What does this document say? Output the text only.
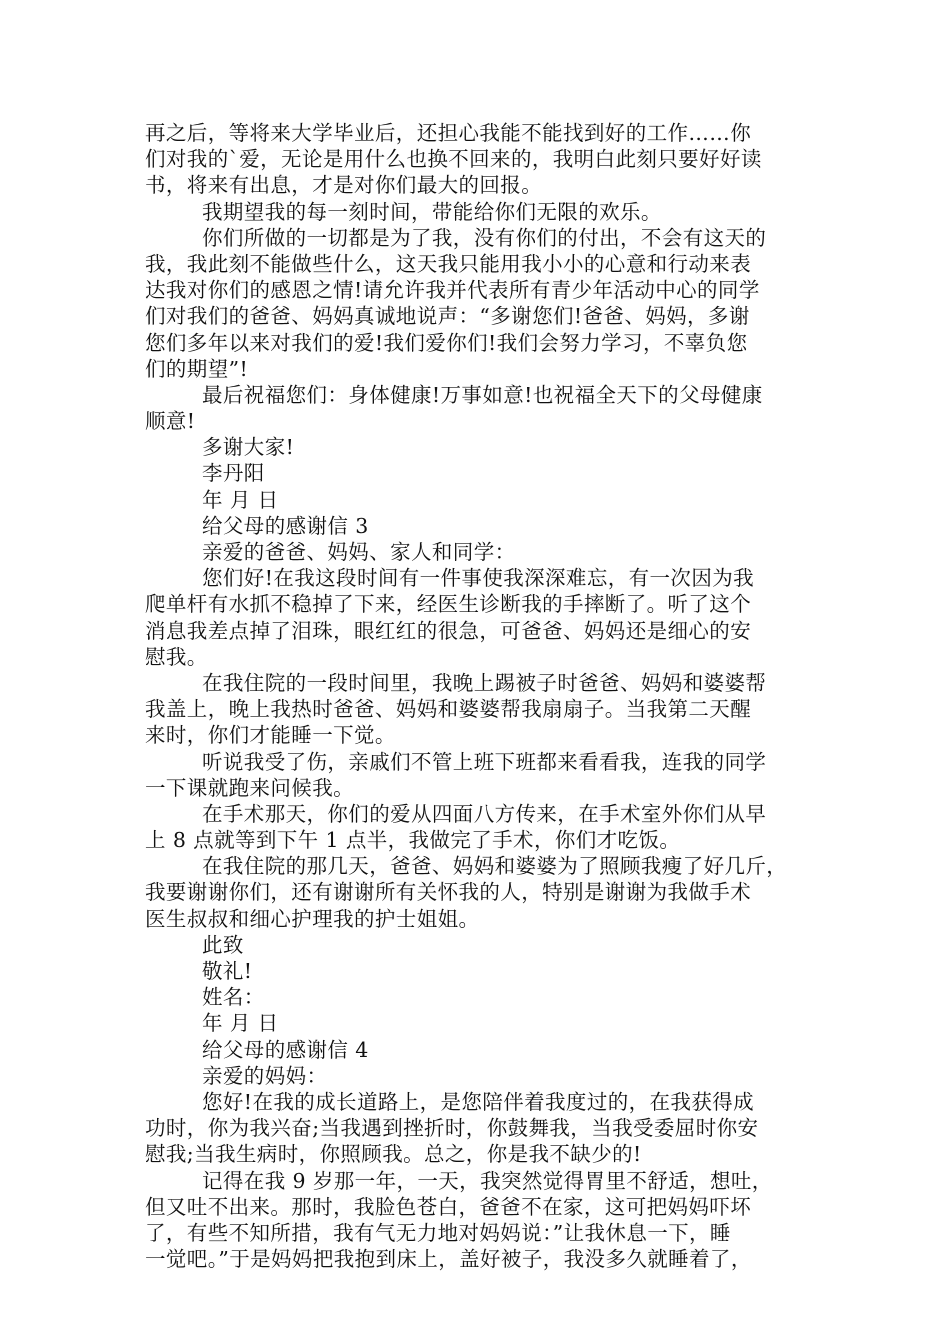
再之后，等将来大学毕业后，还担心我能不能找到好的工作……你
们对我的`爱，无论是用什么也换不回来的，我明白此刻只要好好读
书，将来有出息，才是对你们最大的回报。
我期望我的每一刻时间，带能给你们无限的欢乐。
你们所做的一切都是为了我，没有你们的付出，不会有这天的
我，我此刻不能做些什么，这天我只能用我小小的心意和行动来表
达我对你们的感恩之情!请允许我并代表所有青少年活动中心的同学
们对我们的爸爸、妈妈真诚地说声：“多谢您们!爸爸、妈妈，多谢
您们多年以来对我们的爱!我们爱你们!我们会努力学习，不辜负您
们的期望”!
最后祝福您们：身体健康!万事如意!也祝福全天下的父母健康
顺意!
多谢大家!
李丹阳
年 月 日
给父母的感谢信 3
亲爱的爸爸、妈妈、家人和同学：
您们好!在我这段时间有一件事使我深深难忘，有一次因为我
爬单杆有水抓不稳掉了下来，经医生诊断我的手摔断了。听了这个
消息我差点掉了泪珠，眼红红的很急，可爸爸、妈妈还是细心的安
慰我。
在我住院的一段时间里，我晚上踢被子时爸爸、妈妈和婆婆帮
我盖上，晚上我热时爸爸、妈妈和婆婆帮我扇扇子。当我第二天醒
来时，你们才能睡一下觉。
听说我受了伤，亲戚们不管上班下班都来看看我，连我的同学
一下课就跑来问候我。
在手术那天，你们的爱从四面八方传来，在手术室外你们从早
上 8 点就等到下午 1 点半，我做完了手术，你们才吃饭。
在我住院的那几天，爸爸、妈妈和婆婆为了照顾我瘦了好几斤，
我要谢谢你们，还有谢谢所有关怀我的人，特别是谢谢为我做手术
医生叔叔和细心护理我的护士姐姐。
此致
敬礼!
姓名：
年 月 日
给父母的感谢信 4
亲爱的妈妈：
您好!在我的成长道路上，是您陪伴着我度过的，在我获得成
功时，你为我兴奋;当我遇到挫折时，你鼓舞我，当我受委屈时你安
慰我;当我生病时，你照顾我。总之，你是我不缺少的!
记得在我 9 岁那一年，一天，我突然觉得胃里不舒适，想吐，
但又吐不出来。那时，我脸色苍白，爸爸不在家，这可把妈妈吓坏
了，有些不知所措，我有气无力地对妈妈说：”让我休息一下，睡
一觉吧。”于是妈妈把我抱到床上，盖好被子，我没多久就睡着了，
